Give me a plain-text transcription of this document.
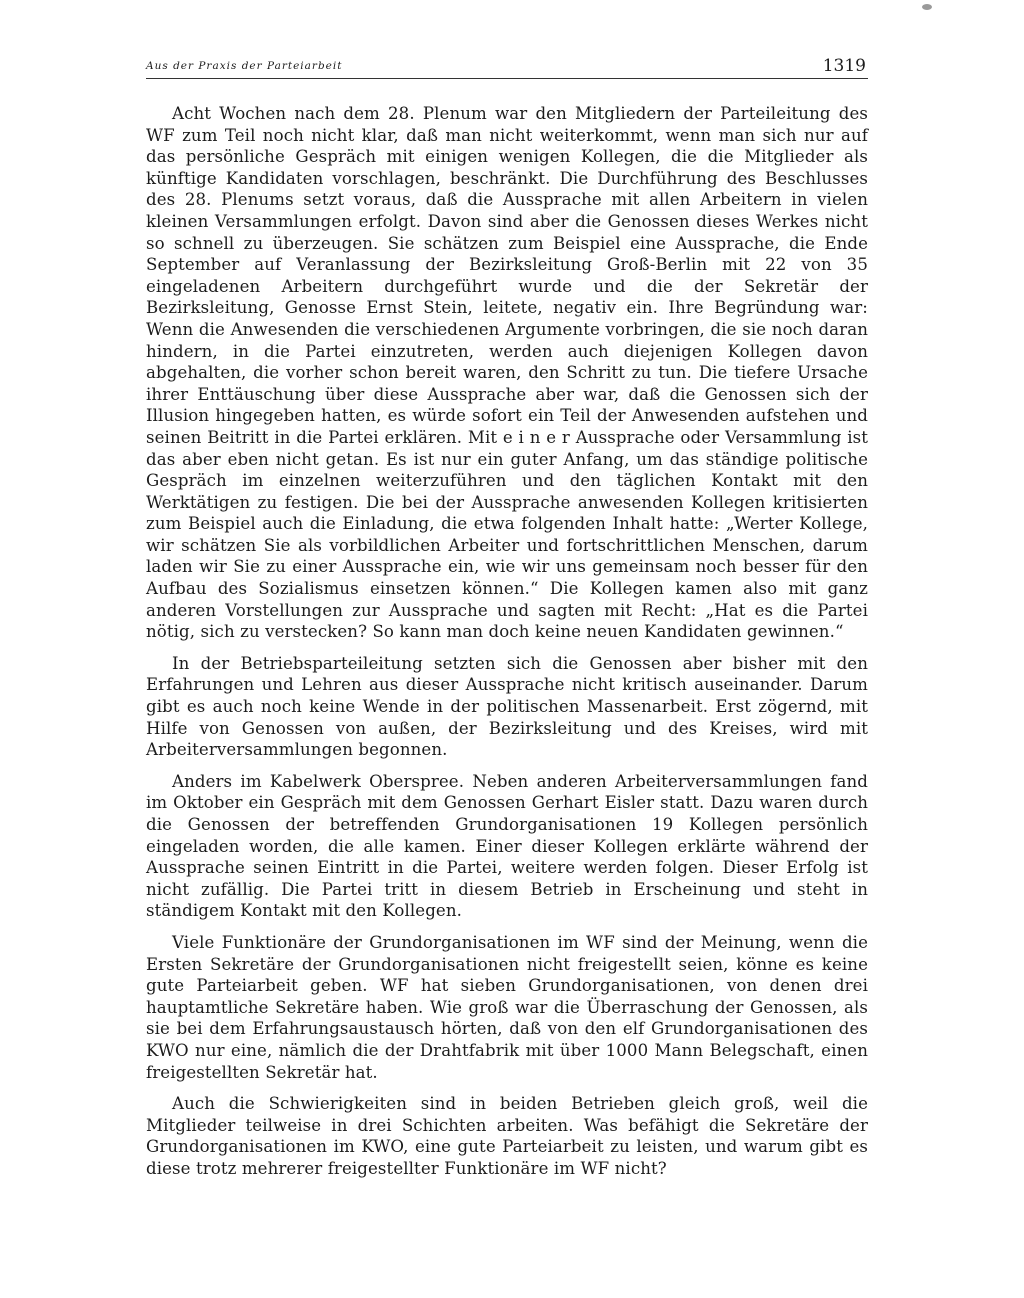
Aus der Praxis der Parteiarbeit	1319

Acht Wochen nach dem 28. Plenum war den Mitgliedern der Parteileitung des WF zum Teil noch nicht klar, daß man nicht weiterkommt, wenn man sich nur auf das persönliche Gespräch mit einigen wenigen Kollegen, die die Mitglieder als künftige Kandidaten vorschlagen, beschränkt. Die Durchführung des Beschlusses des 28. Plenums setzt voraus, daß die Aussprache mit allen Arbeitern in vielen kleinen Versammlungen erfolgt. Davon sind aber die Genossen dieses Werkes nicht so schnell zu überzeugen. Sie schätzen zum Beispiel eine Aussprache, die Ende September auf Veranlassung der Bezirksleitung Groß-Berlin mit 22 von 35 eingeladenen Arbeitern durchgeführt wurde und die der Sekretär der Bezirksleitung, Genosse Ernst Stein, leitete, negativ ein. Ihre Begründung war: Wenn die Anwesenden die verschiedenen Argumente vorbringen, die sie noch daran hindern, in die Partei einzutreten, werden auch diejenigen Kollegen davon abgehalten, die vorher schon bereit waren, den Schritt zu tun. Die tiefere Ursache ihrer Enttäuschung über diese Aussprache aber war, daß die Genossen sich der Illusion hingegeben hatten, es würde sofort ein Teil der Anwesenden aufstehen und seinen Beitritt in die Partei erklären. Mit e i n e r Aussprache oder Versammlung ist das aber eben nicht getan. Es ist nur ein guter Anfang, um das ständige politische Gespräch im einzelnen weiterzuführen und den täglichen Kontakt mit den Werktätigen zu festigen. Die bei der Aussprache anwesenden Kollegen kritisierten zum Beispiel auch die Einladung, die etwa folgenden Inhalt hatte: „Werter Kollege, wir schätzen Sie als vorbildlichen Arbeiter und fortschrittlichen Menschen, darum laden wir Sie zu einer Aussprache ein, wie wir uns gemeinsam noch besser für den Aufbau des Sozialismus einsetzen können.“ Die Kollegen kamen also mit ganz anderen Vorstellungen zur Aussprache und sagten mit Recht: „Hat es die Partei nötig, sich zu verstecken? So kann man doch keine neuen Kandidaten gewinnen.“

In der Betriebsparteileitung setzten sich die Genossen aber bisher mit den Erfahrungen und Lehren aus dieser Aussprache nicht kritisch auseinander. Darum gibt es auch noch keine Wende in der politischen Massenarbeit. Erst zögernd, mit Hilfe von Genossen von außen, der Bezirksleitung und des Kreises, wird mit Arbeiterversammlungen begonnen.

Anders im Kabelwerk Oberspree. Neben anderen Arbeiterversammlungen fand im Oktober ein Gespräch mit dem Genossen Gerhart Eisler statt. Dazu waren durch die Genossen der betreffenden Grundorganisationen 19 Kollegen persönlich eingeladen worden, die alle kamen. Einer dieser Kollegen erklärte während der Aussprache seinen Eintritt in die Partei, weitere werden folgen. Dieser Erfolg ist nicht zufällig. Die Partei tritt in diesem Betrieb in Erscheinung und steht in ständigem Kontakt mit den Kollegen.

Viele Funktionäre der Grundorganisationen im WF sind der Meinung, wenn die Ersten Sekretäre der Grundorganisationen nicht freigestellt seien, könne es keine gute Parteiarbeit geben. WF hat sieben Grundorganisationen, von denen drei hauptamtliche Sekretäre haben. Wie groß war die Überraschung der Genossen, als sie bei dem Erfahrungsaustausch hörten, daß von den elf Grundorganisationen des KWO nur eine, nämlich die der Drahtfabrik mit über 1000 Mann Belegschaft, einen freigestellten Sekretär hat.

Auch die Schwierigkeiten sind in beiden Betrieben gleich groß, weil die Mitglieder teilweise in drei Schichten arbeiten. Was befähigt die Sekretäre der Grundorganisationen im KWO, eine gute Parteiarbeit zu leisten, und warum gibt es diese trotz mehrerer freigestellter Funktionäre im WF nicht?
